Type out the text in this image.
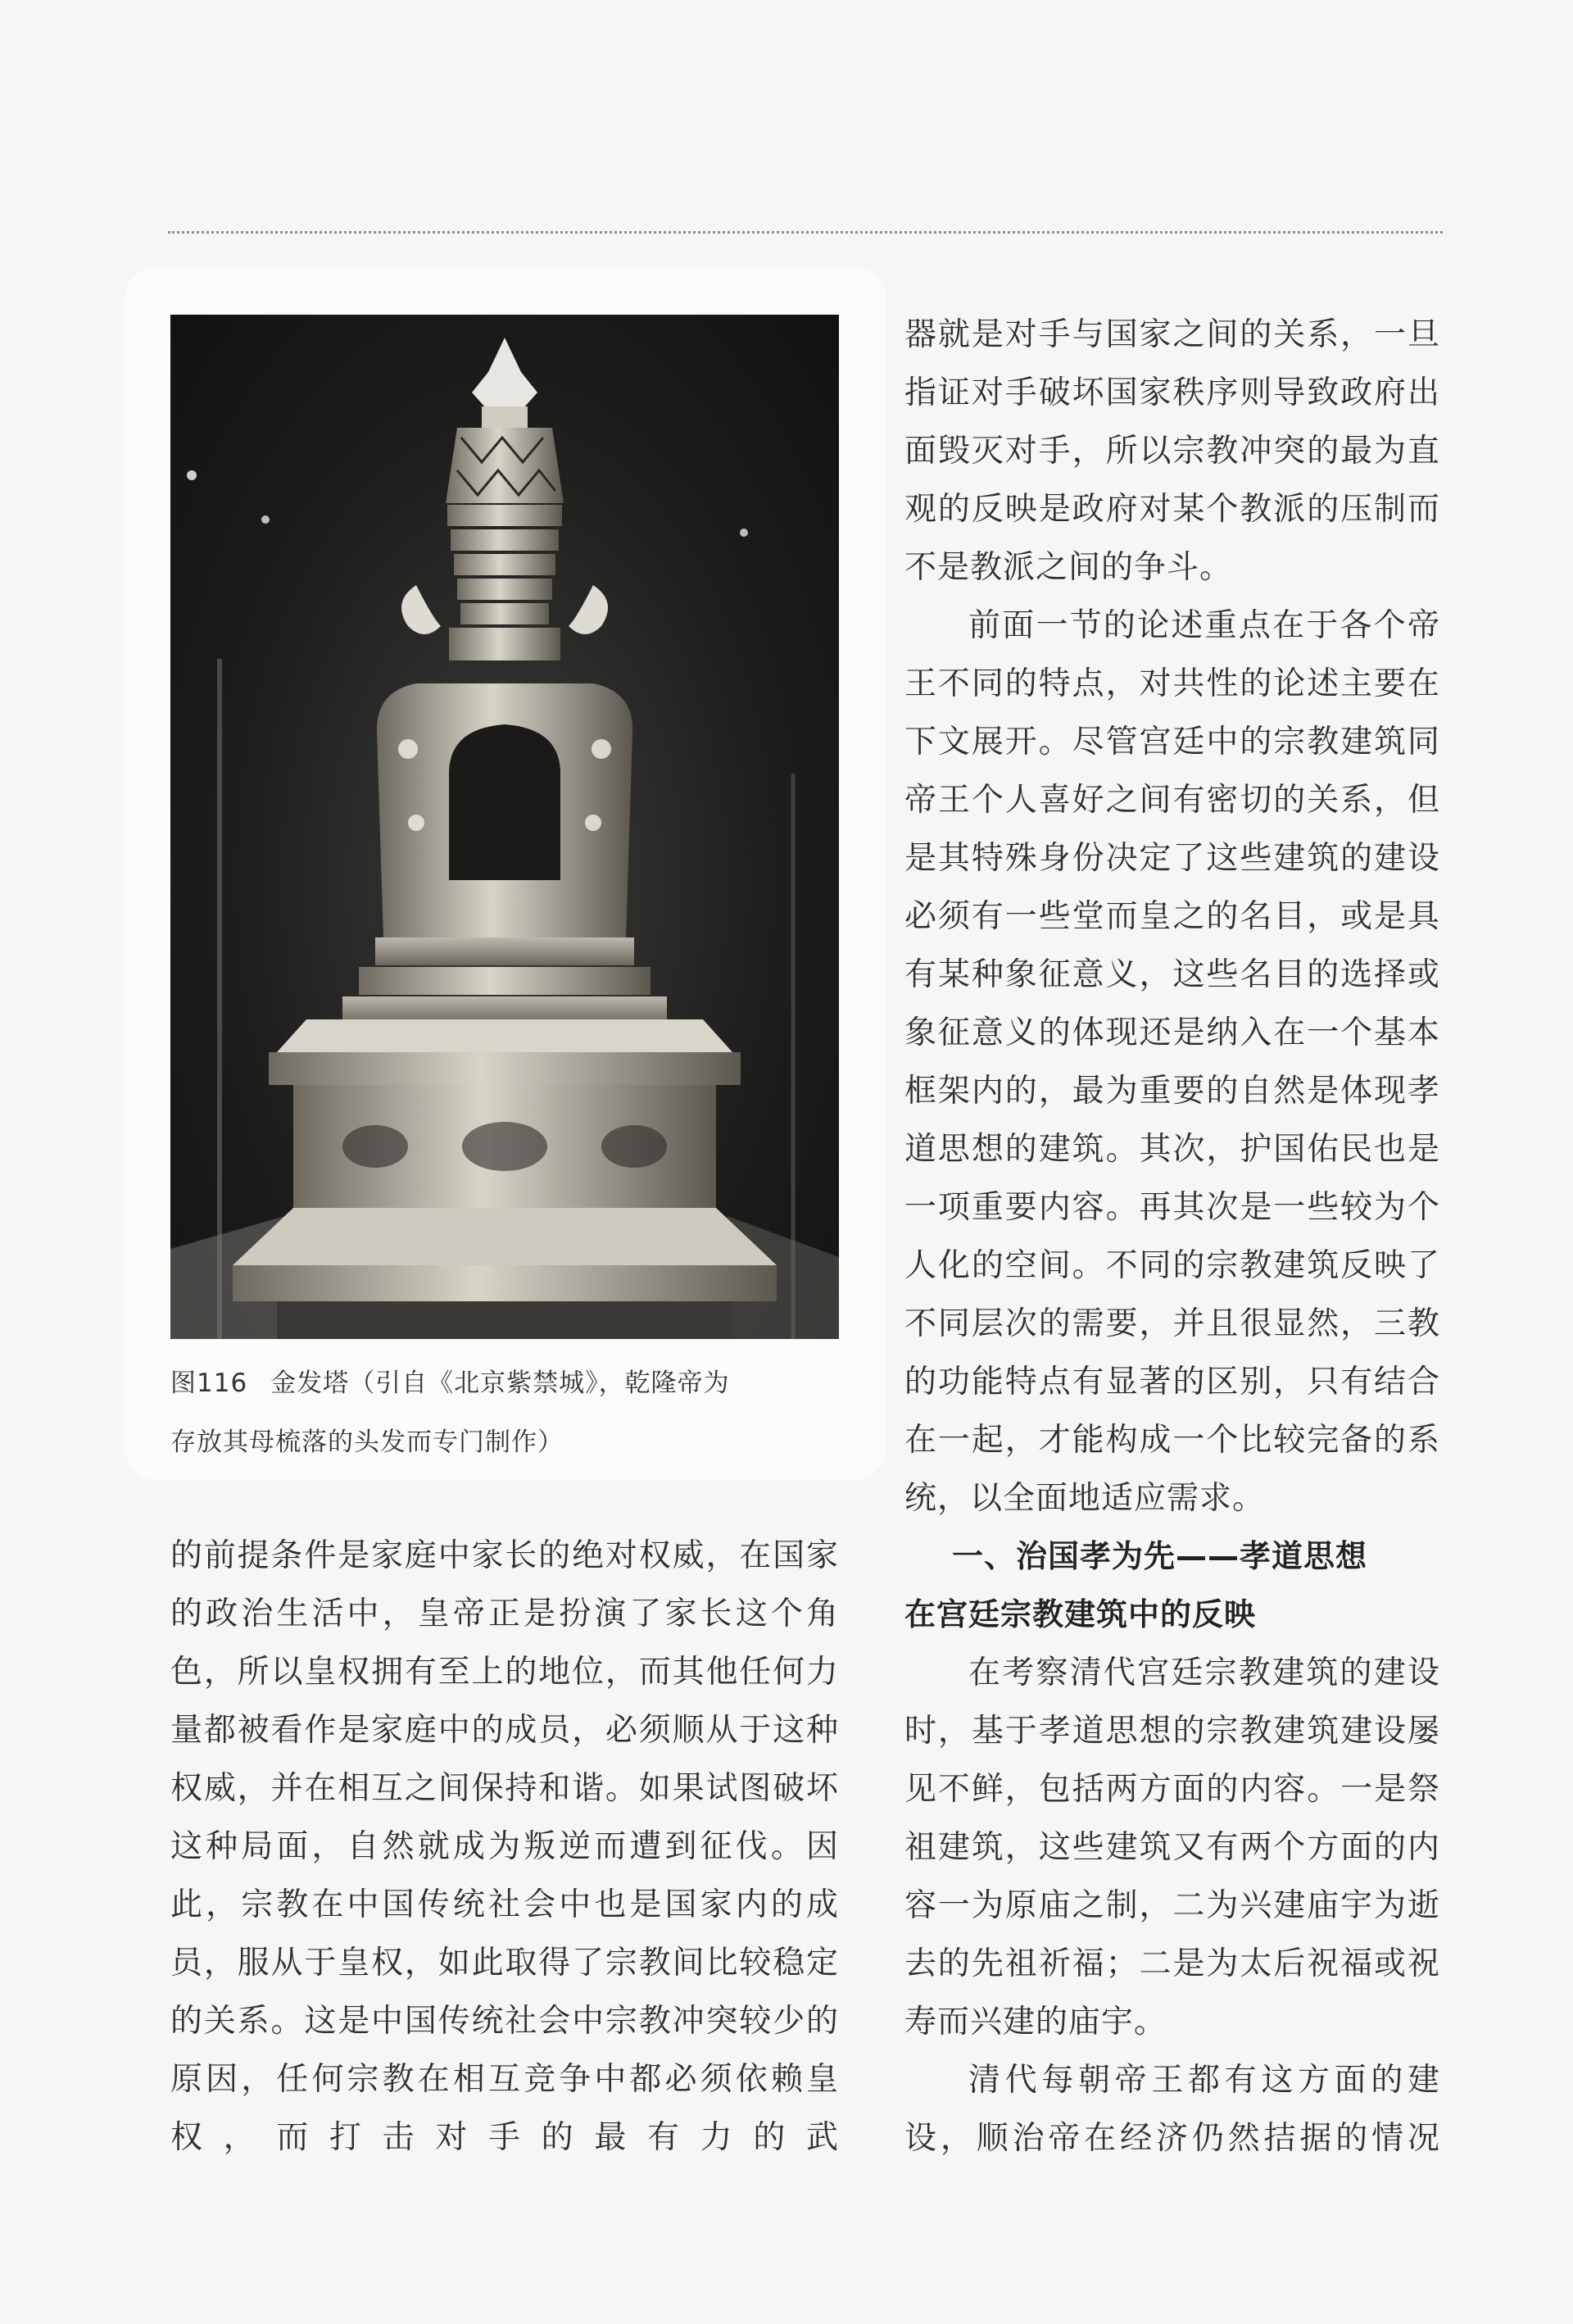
图116 金发塔（引自《北京紫禁城》，乾隆帝为
存放其母梳落的头发而专门制作）

器就是对手与国家之间的关系，一旦指证对手破坏国家秩序则导致政府出面毁灭对手，所以宗教冲突的最为直观的反映是政府对某个教派的压制而不是教派之间的争斗。

前面一节的论述重点在于各个帝王不同的特点，对共性的论述主要在下文展开。尽管宫廷中的宗教建筑同帝王个人喜好之间有密切的关系，但是其特殊身份决定了这些建筑的建设必须有一些堂而皇之的名目，或是具有某种象征意义，这些名目的选择或象征意义的体现还是纳入在一个基本框架内的，最为重要的自然是体现孝道思想的建筑。其次，护国佑民也是一项重要内容。再其次是一些较为个人化的空间。不同的宗教建筑反映了不同层次的需要，并且很显然，三教的功能特点有显著的区别，只有结合在一起，才能构成一个比较完备的系统，以全面地适应需求。

一、治国孝为先——孝道思想
在宫廷宗教建筑中的反映

在考察清代宫廷宗教建筑的建设时，基于孝道思想的宗教建筑建设屡见不鲜，包括两方面的内容。一是祭祖建筑，这些建筑又有两个方面的内容一为原庙之制，二为兴建庙宇为逝去的先祖祈福；二是为太后祝福或祝寿而兴建的庙宇。

清代每朝帝王都有这方面的建设，顺治帝在经济仍然拮据的情况

的前提条件是家庭中家长的绝对权威，在国家的政治生活中，皇帝正是扮演了家长这个角色，所以皇权拥有至上的地位，而其他任何力量都被看作是家庭中的成员，必须顺从于这种权威，并在相互之间保持和谐。如果试图破坏这种局面，自然就成为叛逆而遭到征伐。因此，宗教在中国传统社会中也是国家内的成员，服从于皇权，如此取得了宗教间比较稳定的关系。这是中国传统社会中宗教冲突较少的原因，任何宗教在相互竞争中都必须依赖皇权，而打击对手的最有力的武
